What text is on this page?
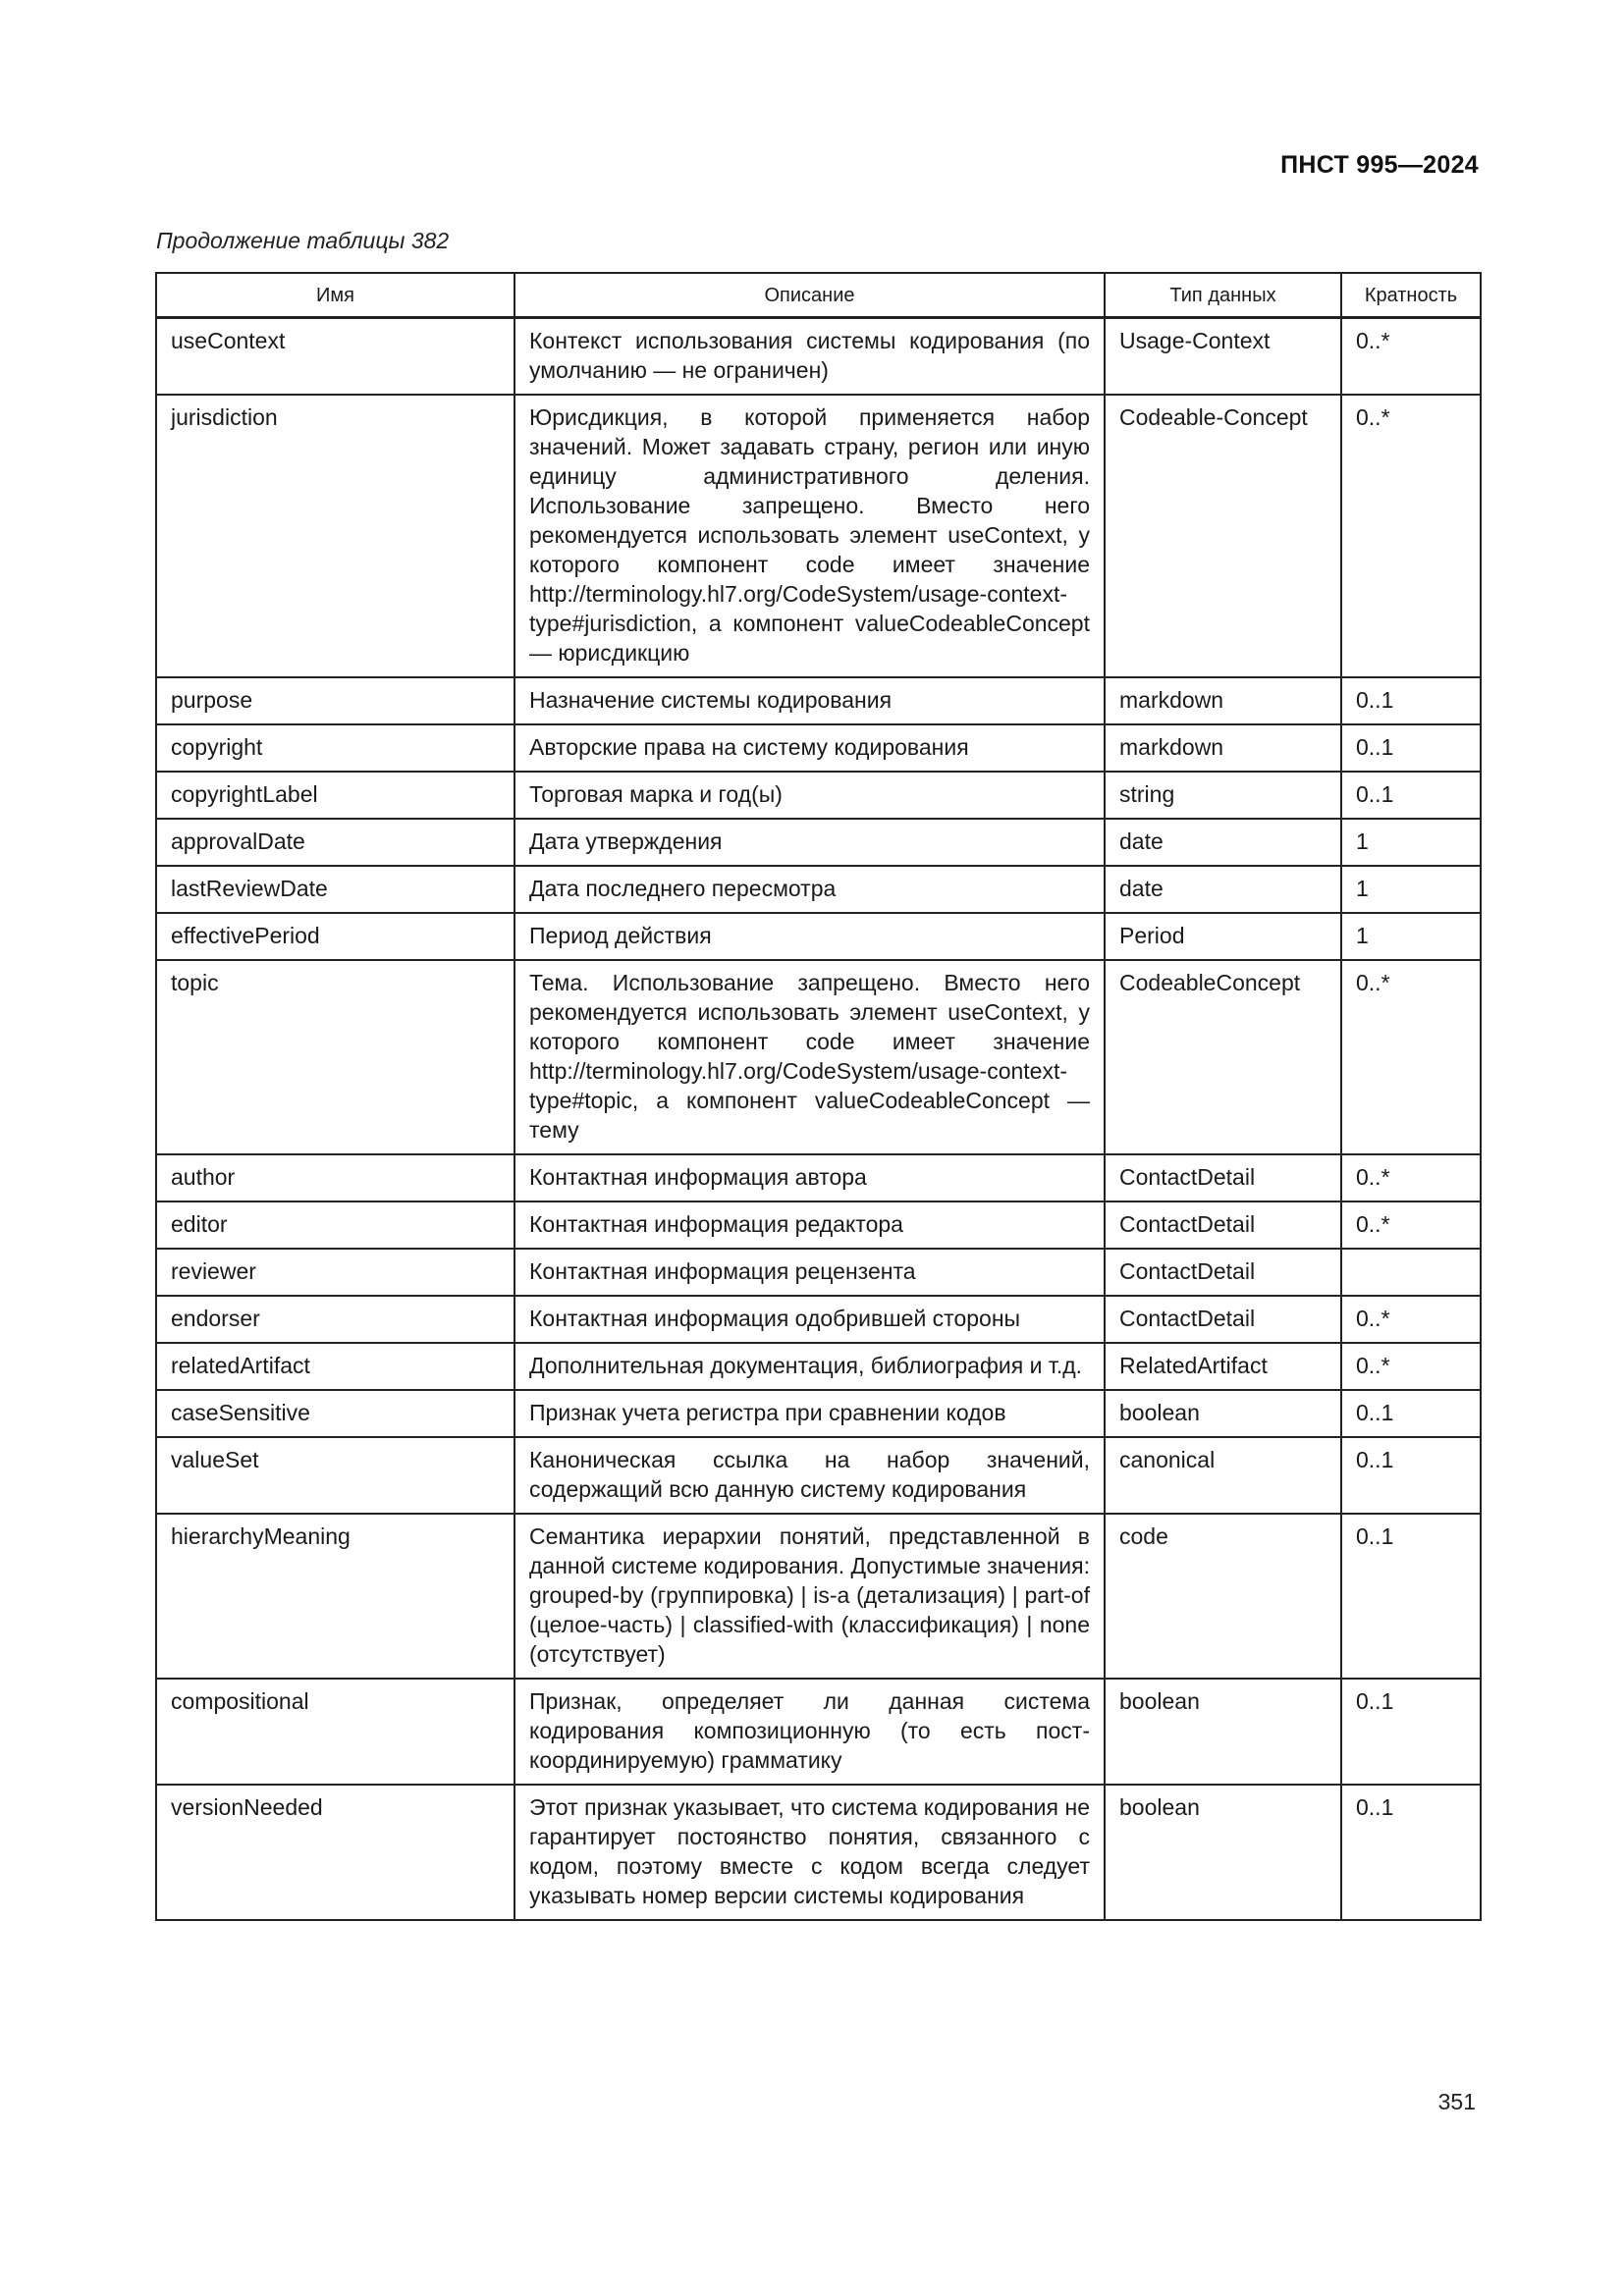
ПНСТ 995—2024
Продолжение таблицы 382
Имя	Описание	Тип данных	Кратность
useContext	Контекст использования системы кодирования (по умолчанию — не ограничен)	Usage-Context	0..*
jurisdiction	Юрисдикция, в которой применяется набор значений. Может задавать страну, регион или иную единицу административного деления. Использование запрещено. Вместо него рекомендуется использовать элемент useContext, у которого компонент code имеет значение http://terminology.hl7.org/CodeSystem/usage-context-type#jurisdiction, а компонент valueCodeableConcept — юрисдикцию	Codeable-Concept	0..*
purpose	Назначение системы кодирования	markdown	0..1
copyright	Авторские права на систему кодирования	markdown	0..1
copyrightLabel	Торговая марка и год(ы)	string	0..1
approvalDate	Дата утверждения	date	1
lastReviewDate	Дата последнего пересмотра	date	1
effectivePeriod	Период действия	Period	1
topic	Тема. Использование запрещено. Вместо него рекомендуется использовать элемент useContext, у которого компонент code имеет значение http://terminology.hl7.org/CodeSystem/usage-context-type#topic, а компонент valueCodeableConcept — тему	CodeableConcept	0..*
author	Контактная информация автора	ContactDetail	0..*
editor	Контактная информация редактора	ContactDetail	0..*
reviewer	Контактная информация рецензента	ContactDetail	
endorser	Контактная информация одобрившей стороны	ContactDetail	0..*
relatedArtifact	Дополнительная документация, библиография и т.д.	RelatedArtifact	0..*
caseSensitive	Признак учета регистра при сравнении кодов	boolean	0..1
valueSet	Каноническая ссылка на набор значений, содержащий всю данную систему кодирования	canonical	0..1
hierarchyMeaning	Семантика иерархии понятий, представленной в данной системе кодирования. Допустимые значения: grouped-by (группировка) | is-a (детализация) | part-of (целое-часть) | classified-with (классификация) | none (отсутствует)	code	0..1
compositional	Признак, определяет ли данная система кодирования композиционную (то есть пост-координируемую) грамматику	boolean	0..1
versionNeeded	Этот признак указывает, что система кодирования не гарантирует постоянство понятия, связанного с кодом, поэтому вместе с кодом всегда следует указывать номер версии системы кодирования	boolean	0..1
351
